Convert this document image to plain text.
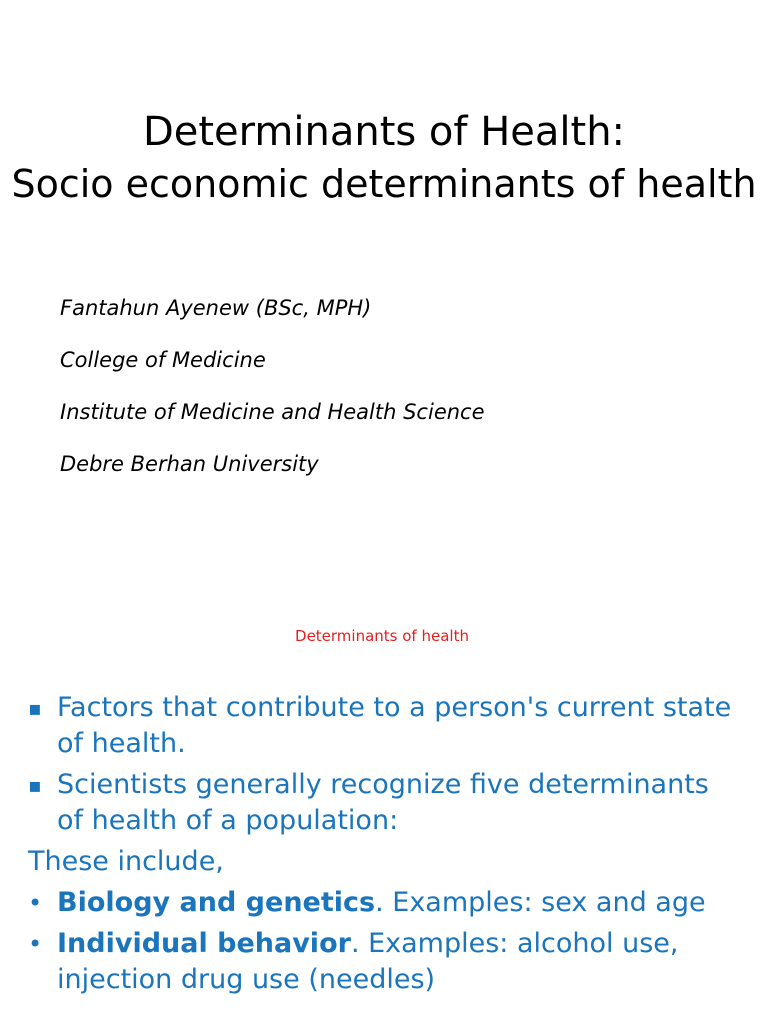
Determinants of Health:
Socio economic determinants of health
Fantahun Ayenew (BSc, MPH)
College of Medicine
Institute of Medicine and Health Science
Debre Berhan University
Determinants of health
▪ Factors that contribute to a person's current state of health.
▪ Scientists generally recognize five determinants of health of a population:
These include,
• Biology and genetics. Examples: sex and age
• Individual behavior. Examples: alcohol use, injection drug use (needles)
